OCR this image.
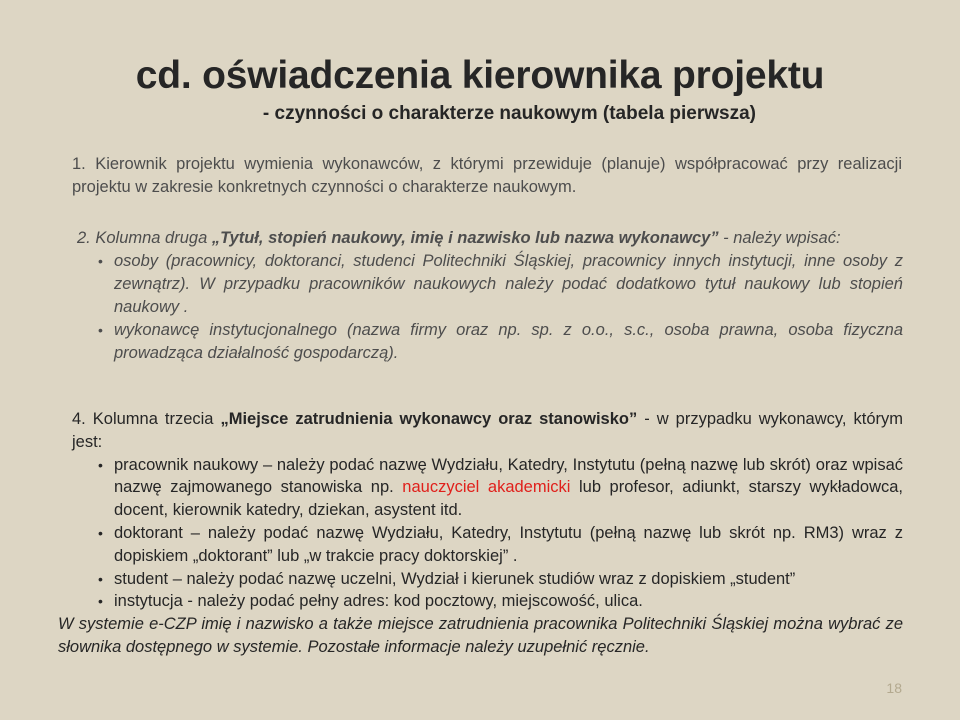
cd. oświadczenia kierownika projektu
- czynności o charakterze naukowym (tabela pierwsza)
1. Kierownik projektu wymienia wykonawców, z którymi przewiduje (planuje) współpracować przy realizacji projektu w zakresie konkretnych czynności o charakterze naukowym.
2. Kolumna druga „Tytuł, stopień naukowy, imię i nazwisko lub nazwa wykonawcy” - należy wpisać:
• osoby (pracownicy, doktoranci, studenci Politechniki Śląskiej, pracownicy innych instytucji, inne osoby z zewnątrz). W przypadku pracowników naukowych należy podać dodatkowo tytuł naukowy lub stopień naukowy .
• wykonawcę instytucjonalnego (nazwa firmy oraz np. sp. z o.o., s.c., osoba prawna, osoba fizyczna prowadząca działalność gospodarczą).
4. Kolumna trzecia „Miejsce zatrudnienia wykonawcy oraz stanowisko” - w przypadku wykonawcy, którym jest:
• pracownik naukowy – należy podać nazwę Wydziału, Katedry, Instytutu (pełną nazwę lub skrót) oraz wpisać nazwę zajmowanego stanowiska np. nauczyciel akademicki lub profesor, adiunkt, starszy wykładowca, docent, kierownik katedry, dziekan, asystent itd.
• doktorant – należy podać nazwę Wydziału, Katedry, Instytutu (pełną nazwę lub skrót np. RM3) wraz z dopiskiem „doktorant” lub „w trakcie pracy doktorskiej” .
• student – należy podać nazwę uczelni, Wydział i kierunek studiów wraz z dopiskiem „student”
• instytucja - należy podać pełny adres: kod pocztowy, miejscowość, ulica.
W systemie e-CZP imię i nazwisko a także miejsce zatrudnienia pracownika Politechniki Śląskiej można wybrać ze słownika dostępnego w systemie. Pozostałe informacje należy uzupełnić ręcznie.
18
